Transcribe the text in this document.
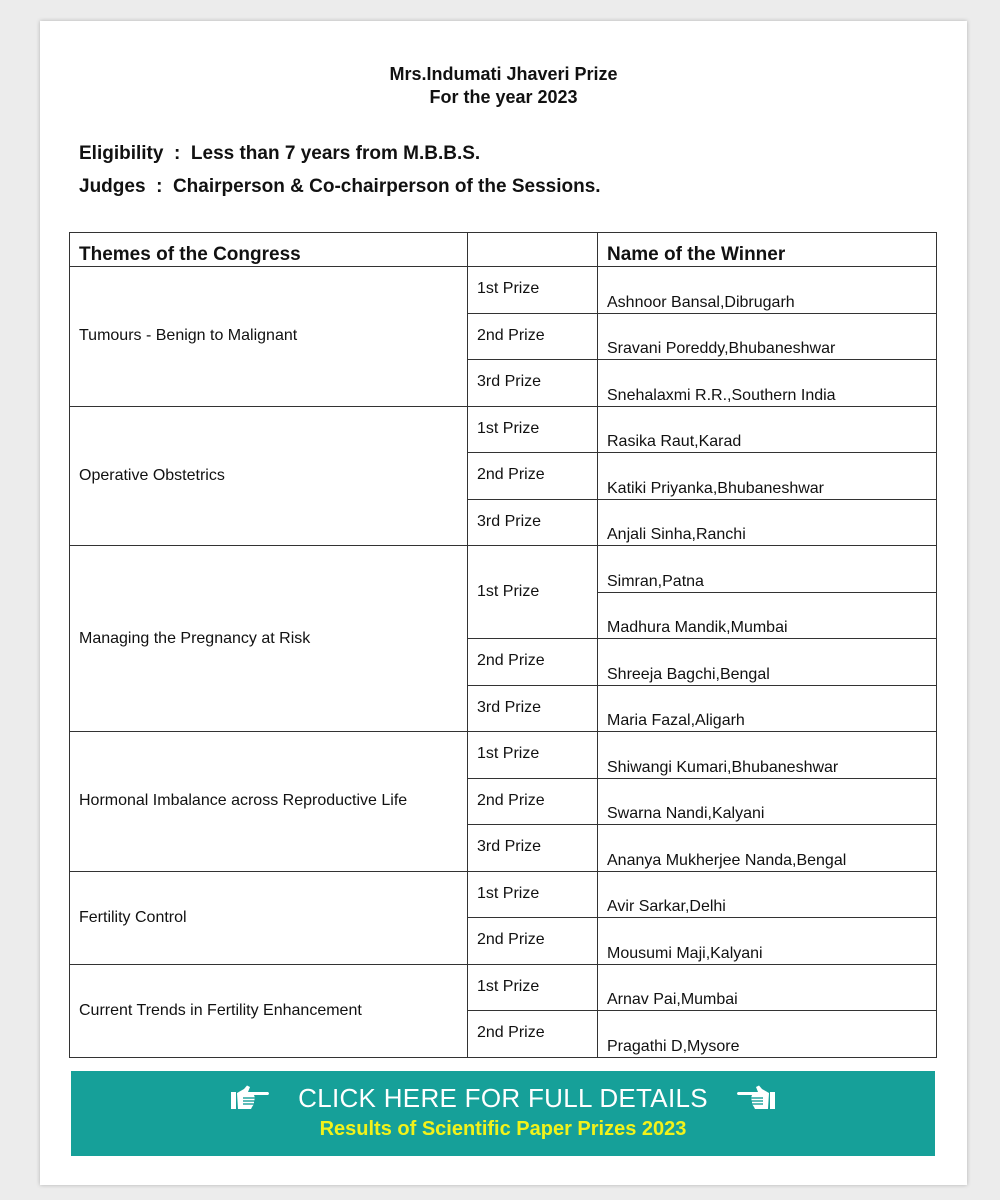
Mrs.Indumati Jhaveri Prize
For the year 2023
Eligibility  :  Less than 7 years from M.B.B.S.
Judges  :  Chairperson & Co-chairperson of the Sessions.
Themes of the Congress		Name of the Winner
Tumours - Benign to Malignant	1st Prize	Ashnoor Bansal,Dibrugarh
	2nd Prize	Sravani Poreddy,Bhubaneshwar
	3rd Prize	Snehalaxmi R.R.,Southern India
Operative Obstetrics	1st Prize	Rasika Raut,Karad
	2nd Prize	Katiki Priyanka,Bhubaneshwar
	3rd Prize	Anjali Sinha,Ranchi
Managing the Pregnancy at Risk	1st Prize	Simran,Patna
		Madhura Mandik,Mumbai
	2nd Prize	Shreeja Bagchi,Bengal
	3rd Prize	Maria Fazal,Aligarh
Hormonal Imbalance across Reproductive Life	1st Prize	Shiwangi Kumari,Bhubaneshwar
	2nd Prize	Swarna Nandi,Kalyani
	3rd Prize	Ananya Mukherjee Nanda,Bengal
Fertility Control	1st Prize	Avir Sarkar,Delhi
	2nd Prize	Mousumi Maji,Kalyani
Current Trends in Fertility Enhancement	1st Prize	Arnav Pai,Mumbai
	2nd Prize	Pragathi D,Mysore
CLICK HERE FOR FULL DETAILS
Results of Scientific Paper Prizes 2023
